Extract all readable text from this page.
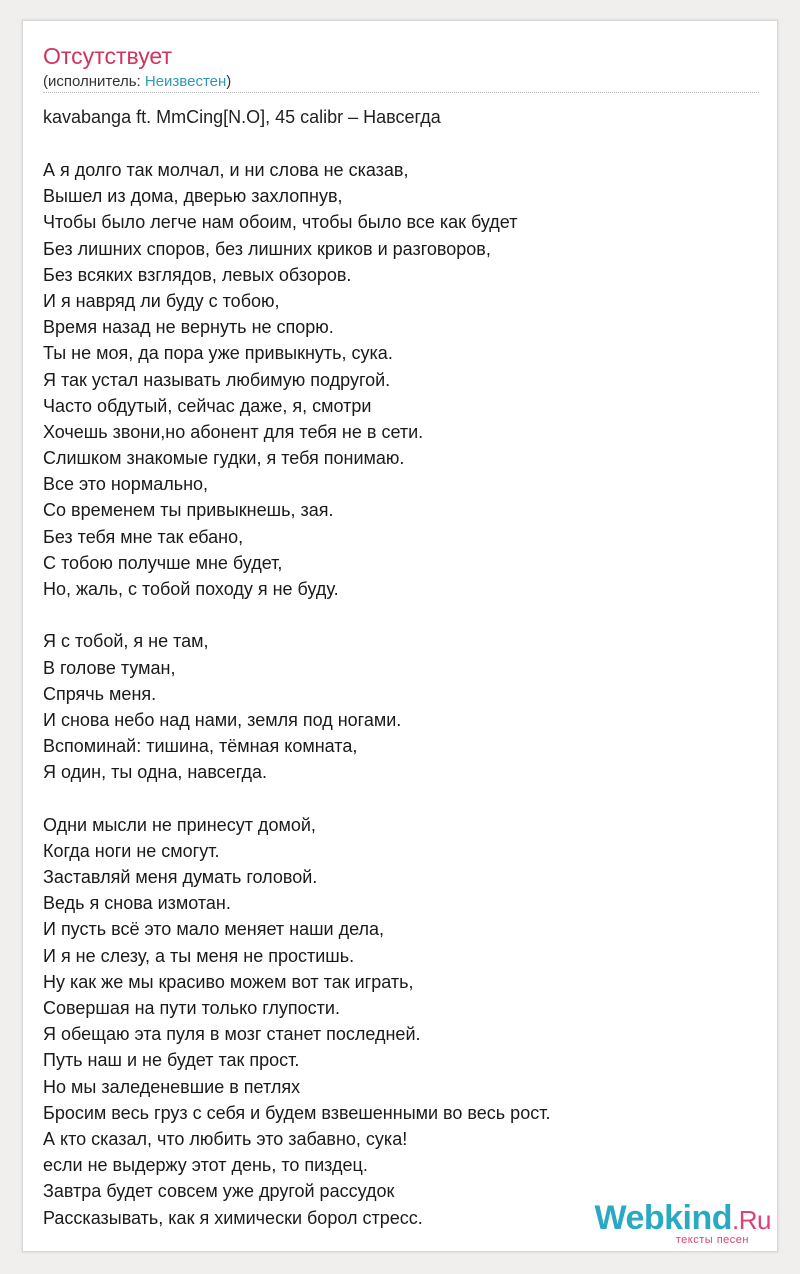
Отсутствует
(исполнитель: Неизвестен)
kavabanga ft. MmCing[N.O], 45 calibr – Навсегда
А я долго так молчал, и ни слова не сказав,
Вышел из дома, дверью захлопнув,
Чтобы было легче нам обоим, чтобы было все как будет
Без лишних споров, без лишних криков и разговоров,
Без всяких взглядов, левых обзоров.
И я навряд ли буду с тобою,
Время назад не вернуть не спорю.
Ты не моя, да пора уже привыкнуть, сука.
Я так устал называть любимую подругой.
Часто обдутый, сейчас даже, я, смотри
Хочешь звони,но абонент для тебя не в сети.
Слишком знакомые гудки, я тебя понимаю.
Все это нормально,
Со временем ты привыкнешь, зая.
Без тебя мне так ебано,
С тобою получше мне будет,
Но, жаль, с тобой походу я не буду.
Я с тобой, я не там,
В голове туман,
Спрячь меня.
И снова небо над нами, земля под ногами.
Вспоминай: тишина, тёмная комната,
Я один, ты одна, навсегда.
Одни мысли не принесут домой,
Когда ноги не смогут.
Заставляй меня думать головой.
Ведь я снова измотан.
И пусть всё это мало меняет наши дела,
И я не слезу, а ты меня не простишь.
Ну как же мы красиво можем вот так играть,
Совершая на пути только глупости.
Я обещаю эта пуля в мозг станет последней.
Путь наш и не будет так прост.
Но мы заледеневшие в петлях
Бросим весь груз с себя и будем взвешенными во весь рост.
А кто сказал, что любить это забавно, сука!
если не выдержу этот день, то пиздец.
Завтра будет совсем уже другой рассудок
Рассказывать, как я химически борол стресс.	Webkind.Ru
тексты песен
